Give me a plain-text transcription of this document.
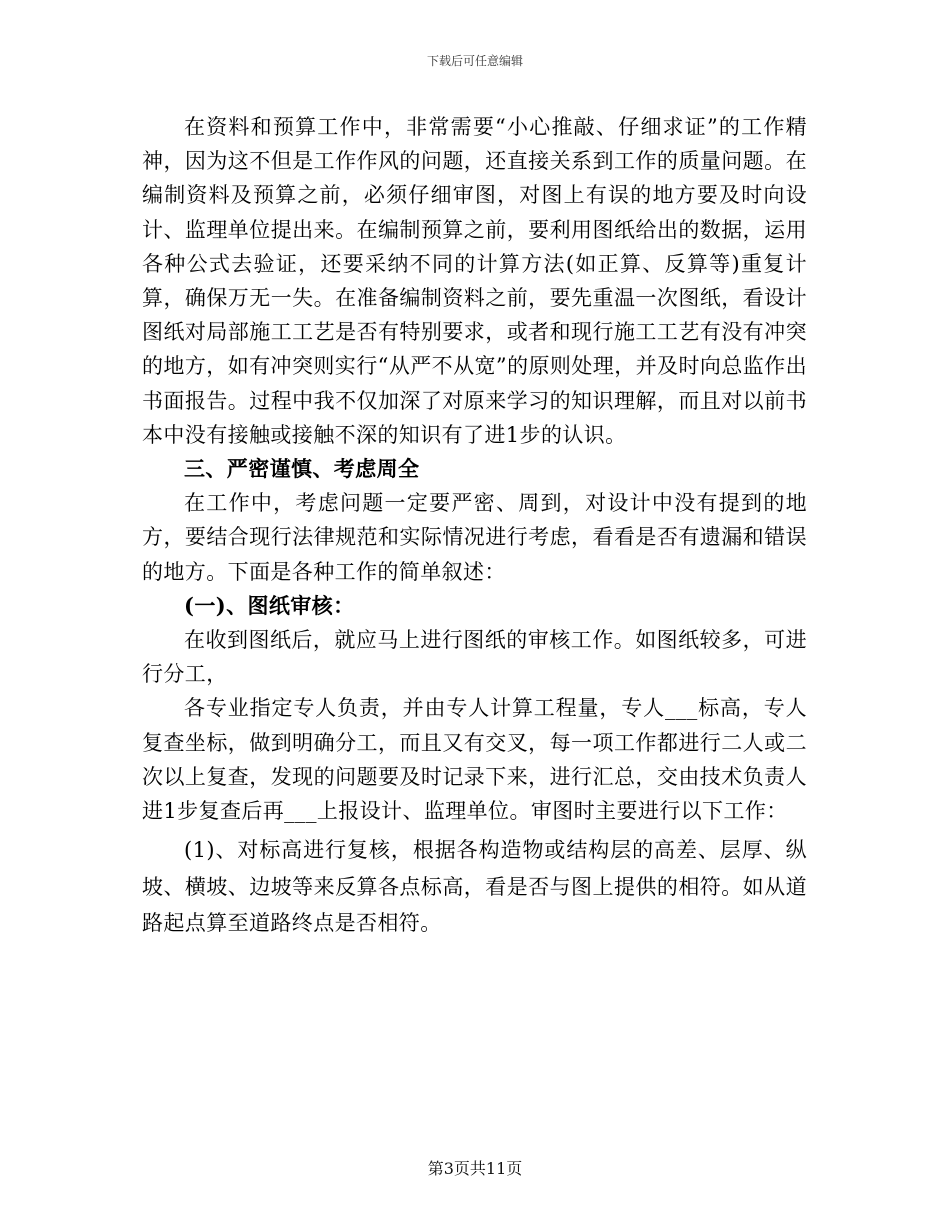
下载后可任意编辑

在资料和预算工作中，非常需要“小心推敲、仔细求证”的工作精神，因为这不但是工作作风的问题，还直接关系到工作的质量问题。在编制资料及预算之前，必须仔细审图，对图上有误的地方要及时向设计、监理单位提出来。在编制预算之前，要利用图纸给出的数据，运用各种公式去验证，还要采纳不同的计算方法(如正算、反算等)重复计算，确保万无一失。在准备编制资料之前，要先重温一次图纸，看设计图纸对局部施工工艺是否有特别要求，或者和现行施工工艺有没有冲突的地方，如有冲突则实行“从严不从宽”的原则处理，并及时向总监作出书面报告。过程中我不仅加深了对原来学习的知识理解，而且对以前书本中没有接触或接触不深的知识有了进1步的认识。

三、严密谨慎、考虑周全

在工作中，考虑问题一定要严密、周到，对设计中没有提到的地方，要结合现行法律规范和实际情况进行考虑，看看是否有遗漏和错误的地方。下面是各种工作的简单叙述：

(一)、图纸审核：

在收到图纸后，就应马上进行图纸的审核工作。如图纸较多，可进行分工，

各专业指定专人负责，并由专人计算工程量，专人___标高，专人复查坐标，做到明确分工，而且又有交叉，每一项工作都进行二人或二次以上复查，发现的问题要及时记录下来，进行汇总，交由技术负责人进1步复查后再___上报设计、监理单位。审图时主要进行以下工作：

(1)、对标高进行复核，根据各构造物或结构层的高差、层厚、纵坡、横坡、边坡等来反算各点标高，看是否与图上提供的相符。如从道路起点算至道路终点是否相符。

第3页共11页
